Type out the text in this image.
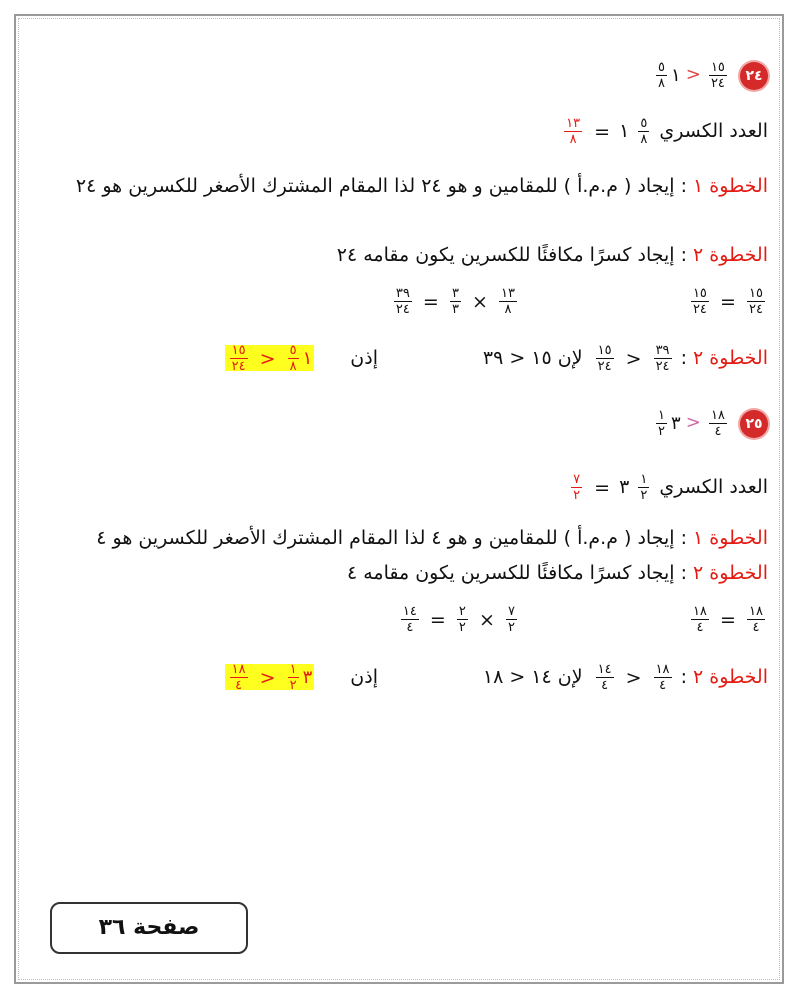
٢٤
$\frac{١٥}{٢٤}$
<
١
$\frac{٥}{٨}$
العدد الكسري
$\frac{٥}{٨}$
١ =
$\frac{١٣}{٨}$
الخطوة ١ : إيجاد ( م.م.أ ) للمقامين و هو ٢٤ لذا المقام المشترك الأصغر للكسرين هو ٢٤
الخطوة ٢ : إيجاد كسرًا مكافئًا للكسرين يكون مقامه ٢٤
$\frac{١٥}{٢٤}$
=
$\frac{١٥}{٢٤}$
$\frac{١٣}{٨}$
×
$\frac{٣}{٣}$
=
$\frac{٣٩}{٢٤}$
الخطوة ٢ :
$\frac{٣٩}{٢٤}$
<
$\frac{١٥}{٢٤}$
لإن ١٥ < ٣٩
إذن
١
$\frac{٥}{٨}$
<
$\frac{١٥}{٢٤}$
٢٥
$\frac{١٨}{٤}$
<
٣
$\frac{١}{٢}$
العدد الكسري
$\frac{١}{٢}$
٣ =
$\frac{٧}{٢}$
الخطوة ١ : إيجاد ( م.م.أ ) للمقامين و هو ٤ لذا المقام المشترك الأصغر للكسرين هو ٤
الخطوة ٢ : إيجاد كسرًا مكافئًا للكسرين يكون مقامه ٤
$\frac{١٨}{٤}$
=
$\frac{١٨}{٤}$
$\frac{٧}{٢}$
×
$\frac{٢}{٢}$
=
$\frac{١٤}{٤}$
الخطوة ٢ :
$\frac{١٨}{٤}$
<
$\frac{١٤}{٤}$
لإن ١٤ < ١٨
إذن
٣
$\frac{١}{٢}$
<
$\frac{١٨}{٤}$
صفحة ٣٦
